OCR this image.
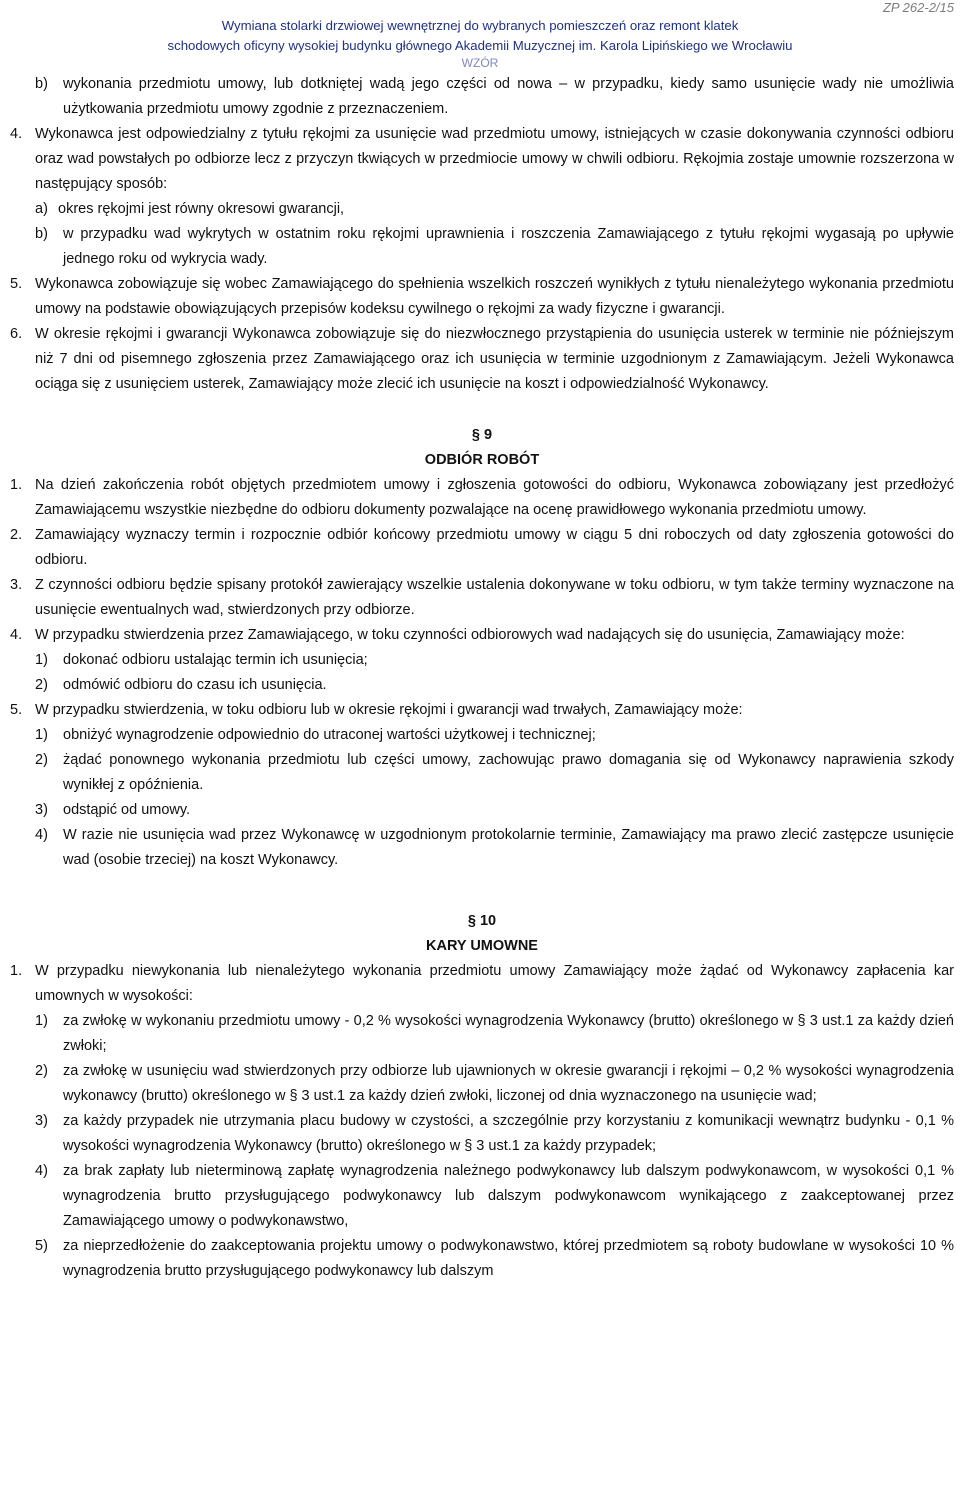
ZP 262-2/15
Wymiana stolarki drzwiowej wewnętrznej do wybranych pomieszczeń oraz remont klatek
schodowych oficyny wysokiej budynku głównego Akademii Muzycznej im. Karola Lipińskiego we Wrocławiu
WZÓR
b) wykonania przedmiotu umowy, lub dotkniętej wadą jego części od nowa – w przypadku, kiedy samo usunięcie wady nie umożliwia użytkowania przedmiotu umowy zgodnie z przeznaczeniem.
4. Wykonawca jest odpowiedzialny z tytułu rękojmi za usunięcie wad przedmiotu umowy, istniejących w czasie dokonywania czynności odbioru oraz wad powstałych po odbiorze lecz z przyczyn tkwiących w przedmiocie umowy w chwili odbioru. Rękojmia zostaje umownie rozszerzona w następujący sposób:
a) okres rękojmi jest równy okresowi gwarancji,
b) w przypadku wad wykrytych w ostatnim roku rękojmi uprawnienia i roszczenia Zamawiającego z tytułu rękojmi wygasają po upływie jednego roku od wykrycia wady.
5. Wykonawca zobowiązuje się wobec Zamawiającego do spełnienia wszelkich roszczeń wynikłych z tytułu nienależytego wykonania przedmiotu umowy na podstawie obowiązujących przepisów kodeksu cywilnego o rękojmi za wady fizyczne i gwarancji.
6. W okresie rękojmi i gwarancji Wykonawca zobowiązuje się do niezwłocznego przystąpienia do usunięcia usterek w terminie nie późniejszym niż 7 dni od pisemnego zgłoszenia przez Zamawiającego oraz ich usunięcia w terminie uzgodnionym z Zamawiającym. Jeżeli Wykonawca ociąga się z usunięciem usterek, Zamawiający może zlecić ich usunięcie na koszt i odpowiedzialność Wykonawcy.
§ 9
ODBIÓR ROBÓT
1. Na dzień zakończenia robót objętych przedmiotem umowy i zgłoszenia gotowości do odbioru, Wykonawca zobowiązany jest przedłożyć Zamawiającemu wszystkie niezbędne do odbioru dokumenty pozwalające na ocenę prawidłowego wykonania przedmiotu umowy.
2. Zamawiający wyznaczy termin i rozpocznie odbiór końcowy przedmiotu umowy w ciągu 5 dni roboczych od daty zgłoszenia gotowości do odbioru.
3. Z czynności odbioru będzie spisany protokół zawierający wszelkie ustalenia dokonywane w toku odbioru, w tym także terminy wyznaczone na usunięcie ewentualnych wad, stwierdzonych przy odbiorze.
4. W przypadku stwierdzenia przez Zamawiającego, w toku czynności odbiorowych wad nadających się do usunięcia, Zamawiający może:
1) dokonać odbioru ustalając termin ich usunięcia;
2) odmówić odbioru do czasu ich usunięcia.
5. W przypadku stwierdzenia, w toku odbioru lub w okresie rękojmi i gwarancji wad trwałych, Zamawiający może:
1) obniżyć wynagrodzenie odpowiednio do utraconej wartości użytkowej i technicznej;
2) żądać ponownego wykonania przedmiotu lub części umowy, zachowując prawo domagania się od Wykonawcy naprawienia szkody wynikłej z opóźnienia.
3) odstąpić od umowy.
4) W razie nie usunięcia wad przez Wykonawcę w uzgodnionym protokolarnie terminie, Zamawiający ma prawo zlecić zastępcze usunięcie wad (osobie trzeciej) na koszt Wykonawcy.
§ 10
KARY UMOWNE
1. W przypadku niewykonania lub nienależytego wykonania przedmiotu umowy Zamawiający może żądać od Wykonawcy zapłacenia kar umownych w wysokości:
1) za zwłokę w wykonaniu przedmiotu umowy - 0,2 % wysokości wynagrodzenia Wykonawcy (brutto) określonego w § 3 ust.1 za każdy dzień zwłoki;
2) za zwłokę w usunięciu wad stwierdzonych przy odbiorze lub ujawnionych w okresie gwarancji i rękojmi – 0,2 % wysokości wynagrodzenia wykonawcy (brutto) określonego w § 3 ust.1 za każdy dzień zwłoki, liczonej od dnia wyznaczonego na usunięcie wad;
3) za każdy przypadek nie utrzymania placu budowy w czystości, a szczególnie przy korzystaniu z komunikacji wewnątrz budynku - 0,1 % wysokości wynagrodzenia Wykonawcy (brutto) określonego w § 3 ust.1 za każdy przypadek;
4) za brak zapłaty lub nieterminową zapłatę wynagrodzenia należnego podwykonawcy lub dalszym podwykonawcom, w wysokości 0,1 % wynagrodzenia brutto przysługującego podwykonawcy lub dalszym podwykonawcom wynikającego z zaakceptowanej przez Zamawiającego umowy o podwykonawstwo,
5) za nieprzedłożenie do zaakceptowania projektu umowy o podwykonawstwo, której przedmiotem są roboty budowlane w wysokości 10 % wynagrodzenia brutto przysługującego podwykonawcy lub dalszym
